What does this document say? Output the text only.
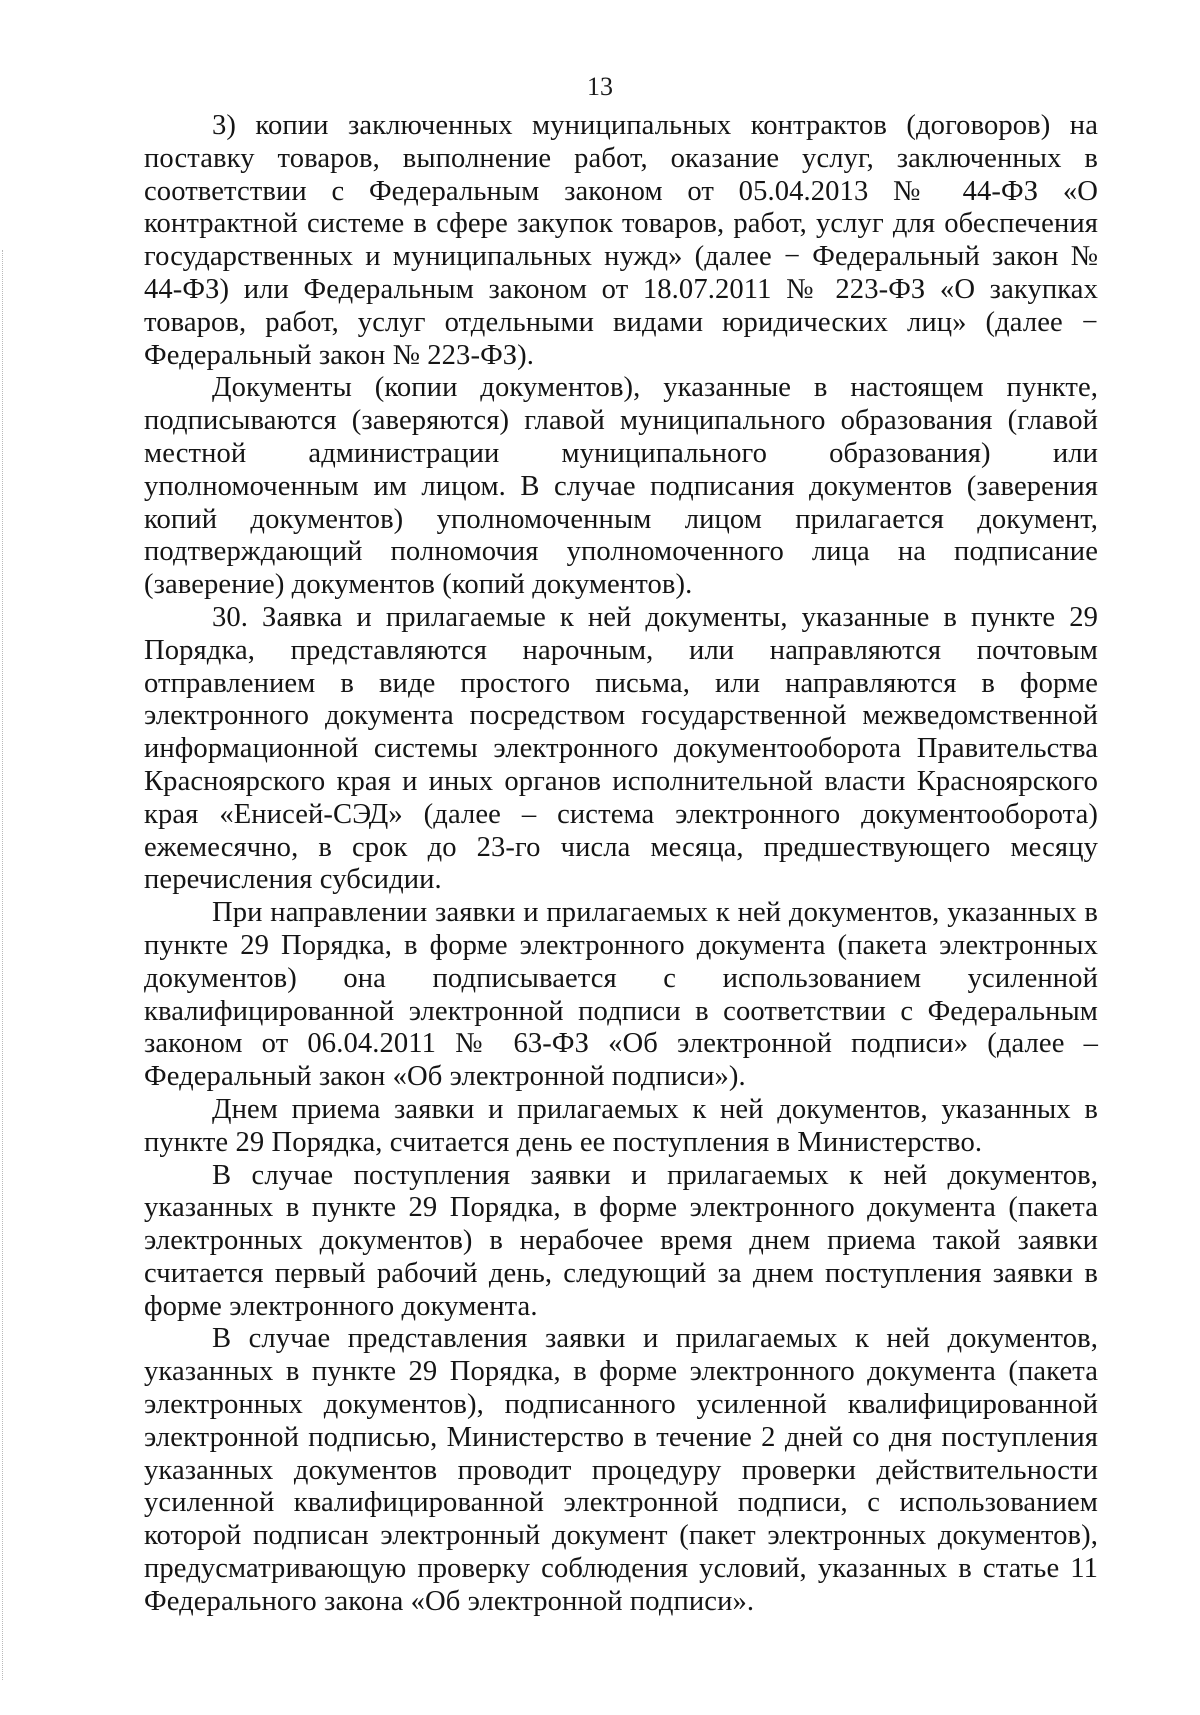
13

3) копии заключенных муниципальных контрактов (договоров) на поставку товаров, выполнение работ, оказание услуг, заключенных в соответствии с Федеральным законом от 05.04.2013 № 44-ФЗ «О контрактной системе в сфере закупок товаров, работ, услуг для обеспечения государственных и муниципальных нужд» (далее − Федеральный закон № 44-ФЗ) или Федеральным законом от 18.07.2011 № 223-ФЗ «О закупках товаров, работ, услуг отдельными видами юридических лиц» (далее − Федеральный закон № 223-ФЗ).

Документы (копии документов), указанные в настоящем пункте, подписываются (заверяются) главой муниципального образования (главой местной администрации муниципального образования) или уполномоченным им лицом. В случае подписания документов (заверения копий документов) уполномоченным лицом прилагается документ, подтверждающий полномочия уполномоченного лица на подписание (заверение) документов (копий документов).

30. Заявка и прилагаемые к ней документы, указанные в пункте 29 Порядка, представляются нарочным, или направляются почтовым отправлением в виде простого письма, или направляются в форме электронного документа посредством государственной межведомственной информационной системы электронного документооборота Правительства Красноярского края и иных органов исполнительной власти Красноярского края «Енисей-СЭД» (далее – система электронного документооборота) ежемесячно, в срок до 23-го числа месяца, предшествующего месяцу перечисления субсидии.

При направлении заявки и прилагаемых к ней документов, указанных в пункте 29 Порядка, в форме электронного документа (пакета электронных документов) она подписывается с использованием усиленной квалифицированной электронной подписи в соответствии с Федеральным законом от 06.04.2011 № 63-ФЗ «Об электронной подписи» (далее – Федеральный закон «Об электронной подписи»).

Днем приема заявки и прилагаемых к ней документов, указанных в пункте 29 Порядка, считается день ее поступления в Министерство.

В случае поступления заявки и прилагаемых к ней документов, указанных в пункте 29 Порядка, в форме электронного документа (пакета электронных документов) в нерабочее время днем приема такой заявки считается первый рабочий день, следующий за днем поступления заявки в форме электронного документа.

В случае представления заявки и прилагаемых к ней документов, указанных в пункте 29 Порядка, в форме электронного документа (пакета электронных документов), подписанного усиленной квалифицированной электронной подписью, Министерство в течение 2 дней со дня поступления указанных документов проводит процедуру проверки действительности усиленной квалифицированной электронной подписи, с использованием которой подписан электронный документ (пакет электронных документов), предусматривающую проверку соблюдения условий, указанных в статье 11 Федерального закона «Об электронной подписи».
